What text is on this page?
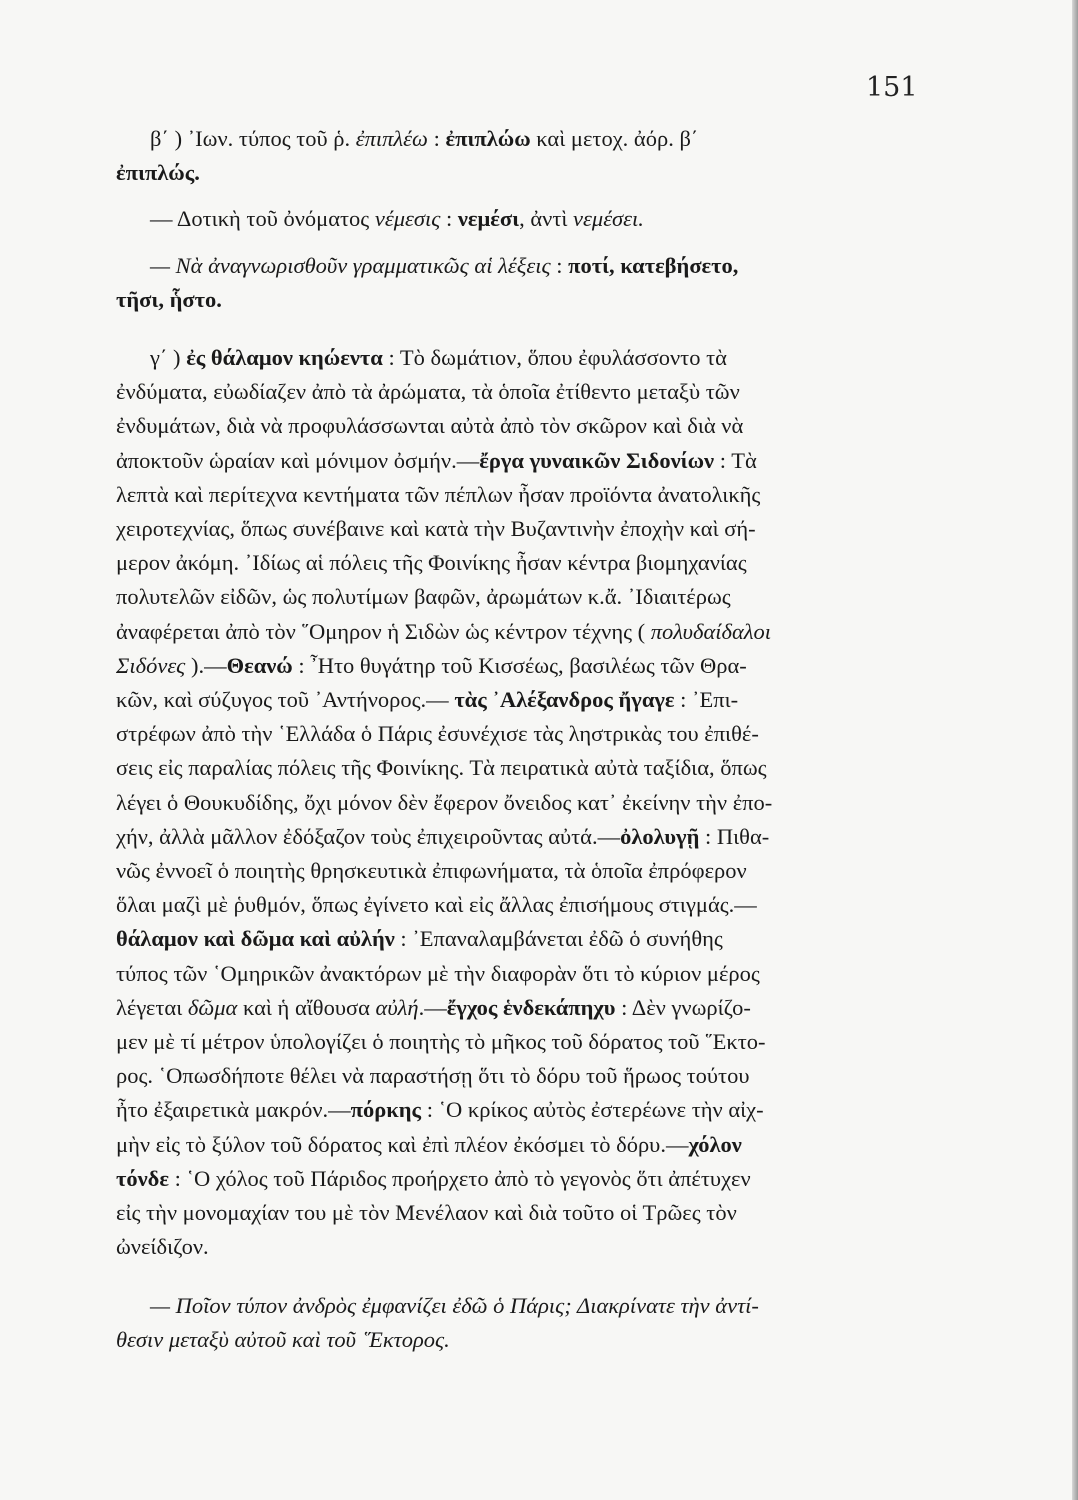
151
β΄ ) ᾿Ιων. τύπος τοῦ ῥ. ἐπιπλέω : ἐπιπλώω καὶ μετοχ. ἀόρ. β΄
ἐπιπλώς.
— Δοτικὴ τοῦ ὀνόματος νέμεσις : νεμέσι, ἀντὶ νεμέσει.
— Νὰ ἀναγνωρισθοῦν γραμματικῶς αἱ λέξεις : ποτί, κατεβήσετο,
τῆσι, ἧστο.
γ΄ ) ἐς θάλαμον κηώεντα : Τὸ δωμάτιον, ὅπου ἐφυλάσσοντο τὰ
ἐνδύματα, εὐωδίαζεν ἀπὸ τὰ ἀρώματα, τὰ ὁποῖα ἐτίθεντο μεταξὺ τῶν
ἐνδυμάτων, διὰ νὰ προφυλάσσωνται αὐτὰ ἀπὸ τὸν σκῶρον καὶ διὰ νὰ
ἀποκτοῦν ὡραίαν καὶ μόνιμον ὀσμήν.—ἔργα γυναικῶν Σιδονίων : Τὰ
λεπτὰ καὶ περίτεχνα κεντήματα τῶν πέπλων ἦσαν προϊόντα ἀνατολικῆς
χειροτεχνίας, ὅπως συνέβαινε καὶ κατὰ τὴν Βυζαντινὴν ἐποχὴν καὶ σή-
μερον ἀκόμη. ᾿Ιδίως αἱ πόλεις τῆς Φοινίκης ἦσαν κέντρα βιομηχανίας
πολυτελῶν εἰδῶν, ὡς πολυτίμων βαφῶν, ἀρωμάτων κ.ἄ. ᾿Ιδιαιτέρως
ἀναφέρεται ἀπὸ τὸν ῞Ομηρον ἡ Σιδὼν ὡς κέντρον τέχνης ( πολυδαίδαλοι
Σιδόνες ).—Θεανώ : ῏Ητο θυγάτηρ τοῦ Κισσέως, βασιλέως τῶν Θρα-
κῶν, καὶ σύζυγος τοῦ ᾿Αντήνορος.— τὰς ᾿Αλέξανδρος ἤγαγε : ᾿Επι-
στρέφων ἀπὸ τὴν ῾Ελλάδα ὁ Πάρις ἐσυνέχισε τὰς ληστρικὰς του ἐπιθέ-
σεις εἰς παραλίας πόλεις τῆς Φοινίκης. Τὰ πειρατικὰ αὐτὰ ταξίδια, ὅπως
λέγει ὁ Θουκυδίδης, ὄχι μόνον δὲν ἔφερον ὄνειδος κατ᾿ ἐκείνην τὴν ἐπο-
χήν, ἀλλὰ μᾶλλον ἐδόξαζον τοὺς ἐπιχειροῦντας αὐτά.—ὀλολυγῇ : Πιθα-
νῶς ἐννοεῖ ὁ ποιητὴς θρησκευτικὰ ἐπιφωνήματα, τὰ ὁποῖα ἐπρόφερον
ὅλαι μαζὶ μὲ ῥυθμόν, ὅπως ἐγίνετο καὶ εἰς ἄλλας ἐπισήμους στιγμάς.—
θάλαμον καὶ δῶμα καὶ αὐλήν : ᾿Επαναλαμβάνεται ἐδῶ ὁ συνήθης
τύπος τῶν ῾Ομηρικῶν ἀνακτόρων μὲ τὴν διαφορὰν ὅτι τὸ κύριον μέρος
λέγεται δῶμα καὶ ἡ αἴθουσα αὐλή.—ἔγχος ἑνδεκάπηχυ : Δὲν γνωρίζο-
μεν μὲ τί μέτρον ὑπολογίζει ὁ ποιητὴς τὸ μῆκος τοῦ δόρατος τοῦ ῞Εκτο-
ρος. ῾Οπωσδήποτε θέλει νὰ παραστήσῃ ὅτι τὸ δόρυ τοῦ ἥρωος τούτου
ἦτο ἐξαιρετικὰ μακρόν.—πόρκης : ῾Ο κρίκος αὐτὸς ἐστερέωνε τὴν αἰχ-
μὴν εἰς τὸ ξύλον τοῦ δόρατος καὶ ἐπὶ πλέον ἐκόσμει τὸ δόρυ.—χόλον
τόνδε : ῾Ο χόλος τοῦ Πάριδος προήρχετο ἀπὸ τὸ γεγονὸς ὅτι ἀπέτυχεν
εἰς τὴν μονομαχίαν του μὲ τὸν Μενέλαον καὶ διὰ τοῦτο οἱ Τρῶες τὸν
ὠνείδιζον.
— Ποῖον τύπον ἀνδρὸς ἐμφανίζει ἐδῶ ὁ Πάρις; Διακρίνατε τὴν ἀντί-
θεσιν μεταξὺ αὐτοῦ καὶ τοῦ ῞Εκτορος.
